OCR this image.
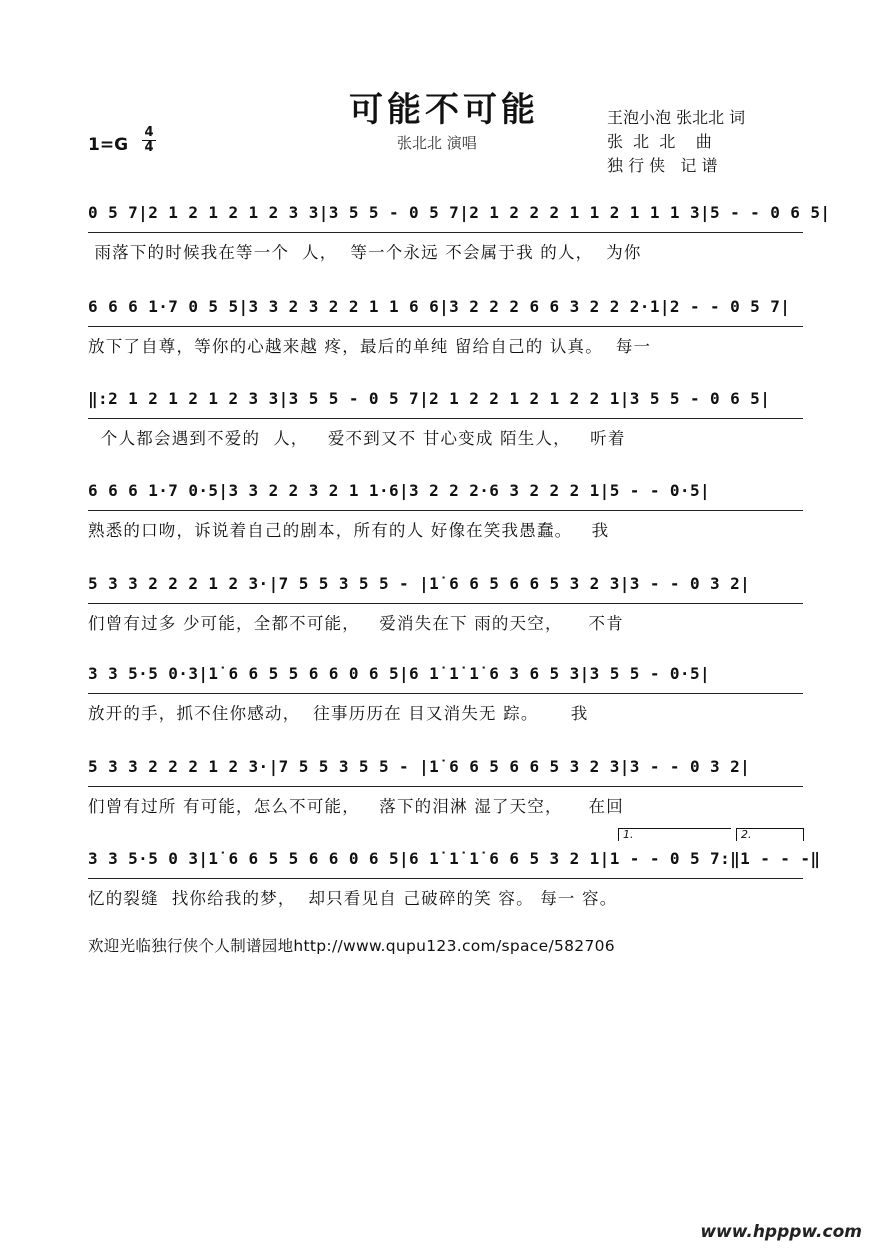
可能不可能
张北北 演唱
1=G
4
4
王泡小泡 张北北 词
张  北  北    曲
独 行 侠   记 谱
0 5 7|2 1 2 1 2 1 2 3 3|3 5 5 - 0 5 7|2 1 2 2 2 1 1 2 1 1 1 3|5 - - 0 6 5|
雨落下的时候我在等一个  人，  等一个永远 不会属于我 的人，  为你
6 6 6 1·7 0 5 5|3 3 2 3 2 2 1 1 6 6|3 2 2 2 6 6 3 2 2 2·1|2 - - 0 5 7|
放下了自尊，等你的心越来越 疼，最后的单纯 留给自己的 认真。  每一
‖:2 1 2 1 2 1 2 3 3|3 5 5 - 0 5 7|2 1 2 2 1 2 1 2 2 1|3 5 5 - 0 6 5|
个人都会遇到不爱的  人，   爱不到又不 甘心变成 陌生人，   听着
6 6 6 1·7 0·5|3 3 2 2 3 2 1 1·6|3 2 2 2·6 3 2 2 2 1|5 - - 0·5|
熟悉的口吻，诉说着自己的剧本，所有的人 好像在笑我愚蠢。   我
5 3 3 2 2 2 1 2 3·|7 5 5 3 5 5 - |1̇ 6 6 5 6 6 5 3 2 3|3 - - 0 3 2|
们曾有过多 少可能，全都不可能，   爱消失在下 雨的天空，    不肯
3 3 5·5 0·3|1̇ 6 6 5 5 6 6 0 6 5|6 1̇ 1̇ 1̇ 6 3 6 5 3|3 5 5 - 0·5|
放开的手，抓不住你感动，  往事历历在 目又消失无 踪。     我
5 3 3 2 2 2 1 2 3·|7 5 5 3 5 5 - |1̇ 6 6 5 6 6 5 3 2 3|3 - - 0 3 2|
们曾有过所 有可能，怎么不可能，   落下的泪淋 湿了天空，    在回
1.	2.
3 3 5·5 0 3|1̇ 6 6 5 5 6 6 0 6 5|6 1̇ 1̇ 1̇ 6 6 5 3 2 1|1 - - 0 5 7:‖1 - - -‖
忆的裂缝  找你给我的梦，  却只看见自 己破碎的笑 容。 每一 容。
欢迎光临独行侠个人制谱园地http://www.qupu123.com/space/582706
www.hpppw.com
